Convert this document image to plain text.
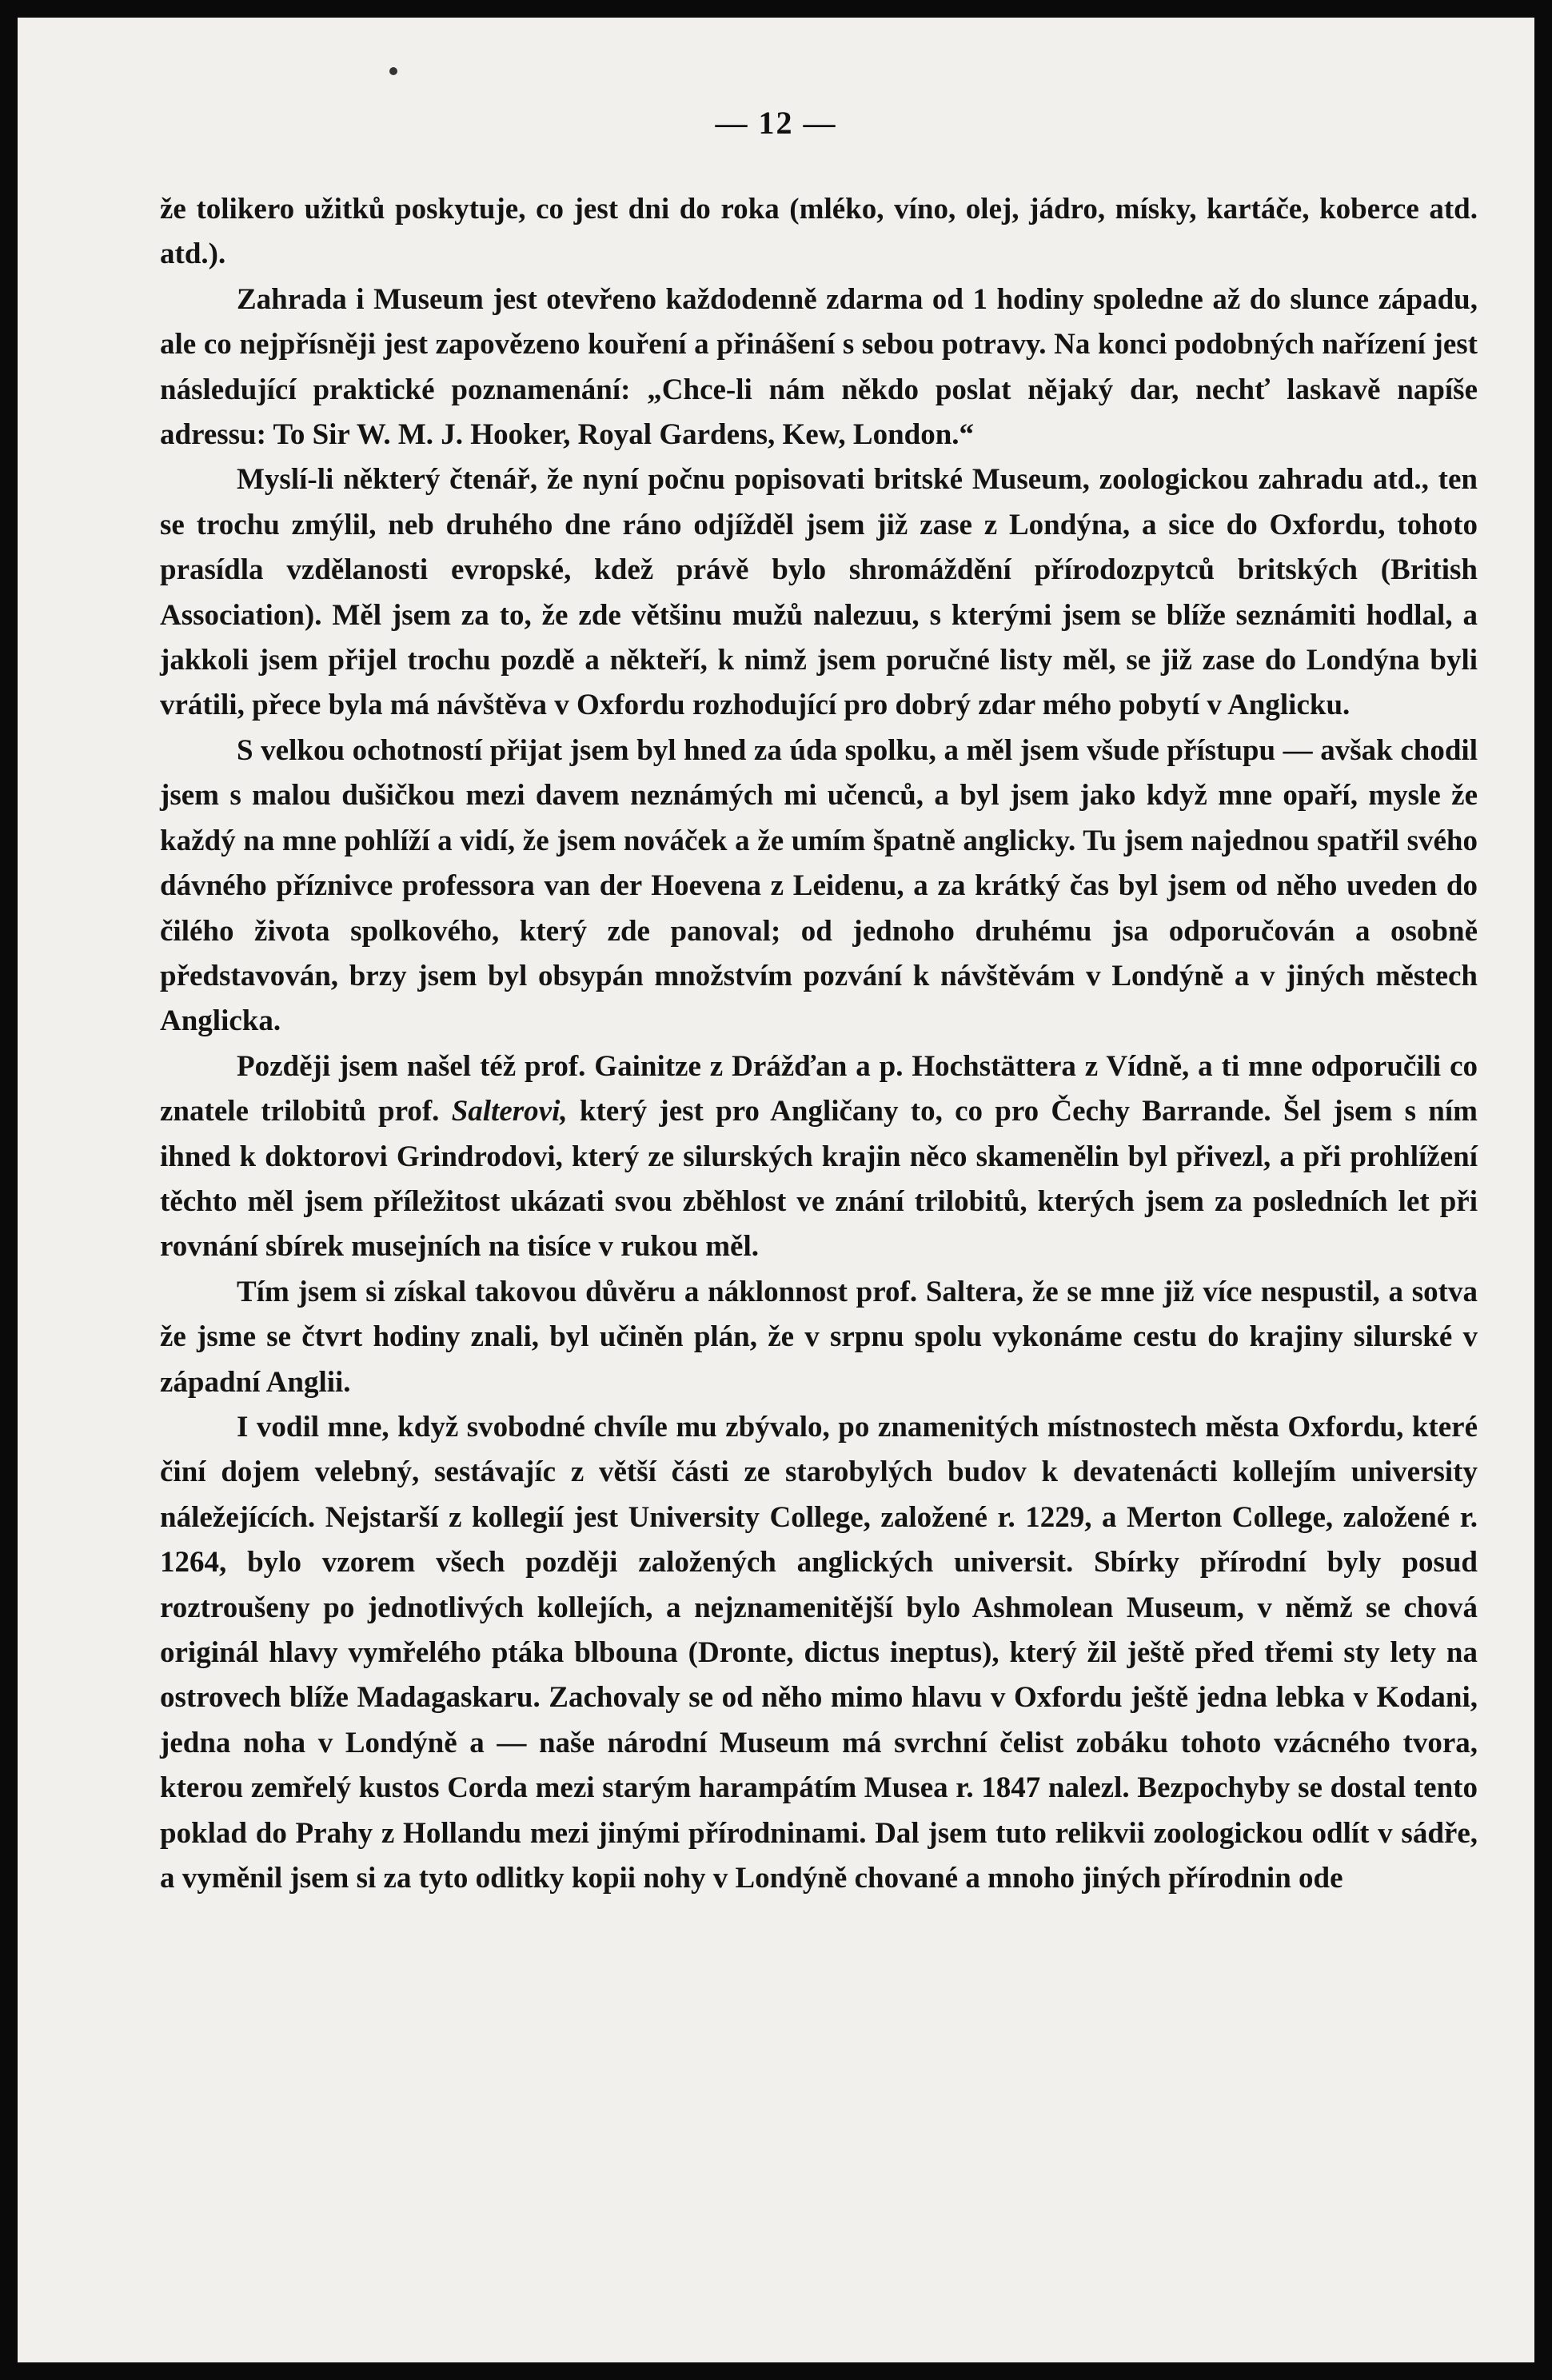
— 12 —

že tolikero užitků poskytuje, co jest dni do roka (mléko, víno, olej, jádro, mísky, kartáče, koberce atd. atd.).

Zahrada i Museum jest otevřeno každodenně zdarma od 1 hodiny spoledne až do slunce západu, ale co nejpřísněji jest zapovězeno kouření a přinášení s sebou potravy. Na konci podobných nařízení jest následující praktické poznamenání: „Chce-li nám někdo poslat nějaký dar, nechť laskavě napíše adressu: To Sir W. M. J. Hooker, Royal Gardens, Kew, London.“

Myslí-li některý čtenář, že nyní počnu popisovati britské Museum, zoologickou zahradu atd., ten se trochu zmýlil, neb druhého dne ráno odjížděl jsem již zase z Londýna, a sice do Oxfordu, tohoto prasídla vzdělanosti evropské, kdež právě bylo shromáždění přírodozpytců britských (British Association). Měl jsem za to, že zde většinu mužů nalezuu, s kterými jsem se blíže seznámiti hodlal, a jakkoli jsem přijel trochu pozdě a někteří, k nimž jsem poručné listy měl, se již zase do Londýna byli vrátili, přece byla má návštěva v Oxfordu rozhodující pro dobrý zdar mého pobytí v Anglicku.

S velkou ochotností přijat jsem byl hned za úda spolku, a měl jsem všude přístupu — avšak chodil jsem s malou dušičkou mezi davem neznámých mi učenců, a byl jsem jako když mne opaří, mysle že každý na mne pohlíží a vidí, že jsem nováček a že umím špatně anglicky. Tu jsem najednou spatřil svého dávného příznivce professora van der Hoevena z Leidenu, a za krátký čas byl jsem od něho uveden do čilého života spolkového, který zde panoval; od jednoho druhému jsa odporučován a osobně představován, brzy jsem byl obsypán množstvím pozvání k návštěvám v Londýně a v jiných městech Anglicka.

Později jsem našel též prof. Gainitze z Drážďan a p. Hochstättera z Vídně, a ti mne odporučili co znatele trilobitů prof. Salterovi, který jest pro Angličany to, co pro Čechy Barrande. Šel jsem s ním ihned k doktorovi Grindrodovi, který ze silurských krajin něco skamenělin byl přivezl, a při prohlížení těchto měl jsem příležitost ukázati svou zběhlost ve znání trilobitů, kterých jsem za posledních let při rovnání sbírek musejních na tisíce v rukou měl.

Tím jsem si získal takovou důvěru a náklonnost prof. Saltera, že se mne již více nespustil, a sotva že jsme se čtvrt hodiny znali, byl učiněn plán, že v srpnu spolu vykonáme cestu do krajiny silurské v západní Anglii.

I vodil mne, když svobodné chvíle mu zbývalo, po znamenitých místnostech města Oxfordu, které činí dojem velebný, sestávajíc z větší části ze starobylých budov k devatenácti kollejím university náležejících. Nejstarší z kollegií jest University College, založené r. 1229, a Merton College, založené r. 1264, bylo vzorem všech později založených anglických universit. Sbírky přírodní byly posud roztroušeny po jednotlivých kollejích, a nejznamenitější bylo Ashmolean Museum, v němž se chová originál hlavy vymřelého ptáka blbouna (Dronte, dictus ineptus), který žil ještě před třemi sty lety na ostrovech blíže Madagaskaru. Zachovaly se od něho mimo hlavu v Oxfordu ještě jedna lebka v Kodani, jedna noha v Londýně a — naše národní Museum má svrchní čelist zobáku tohoto vzácného tvora, kterou zemřelý kustos Corda mezi starým harampátím Musea r. 1847 nalezl. Bezpochyby se dostal tento poklad do Prahy z Hollandu mezi jinými přírodninami. Dal jsem tuto relikvii zoologickou odlít v sádře, a vyměnil jsem si za tyto odlitky kopii nohy v Londýně chované a mnoho jiných přírodnin ode
